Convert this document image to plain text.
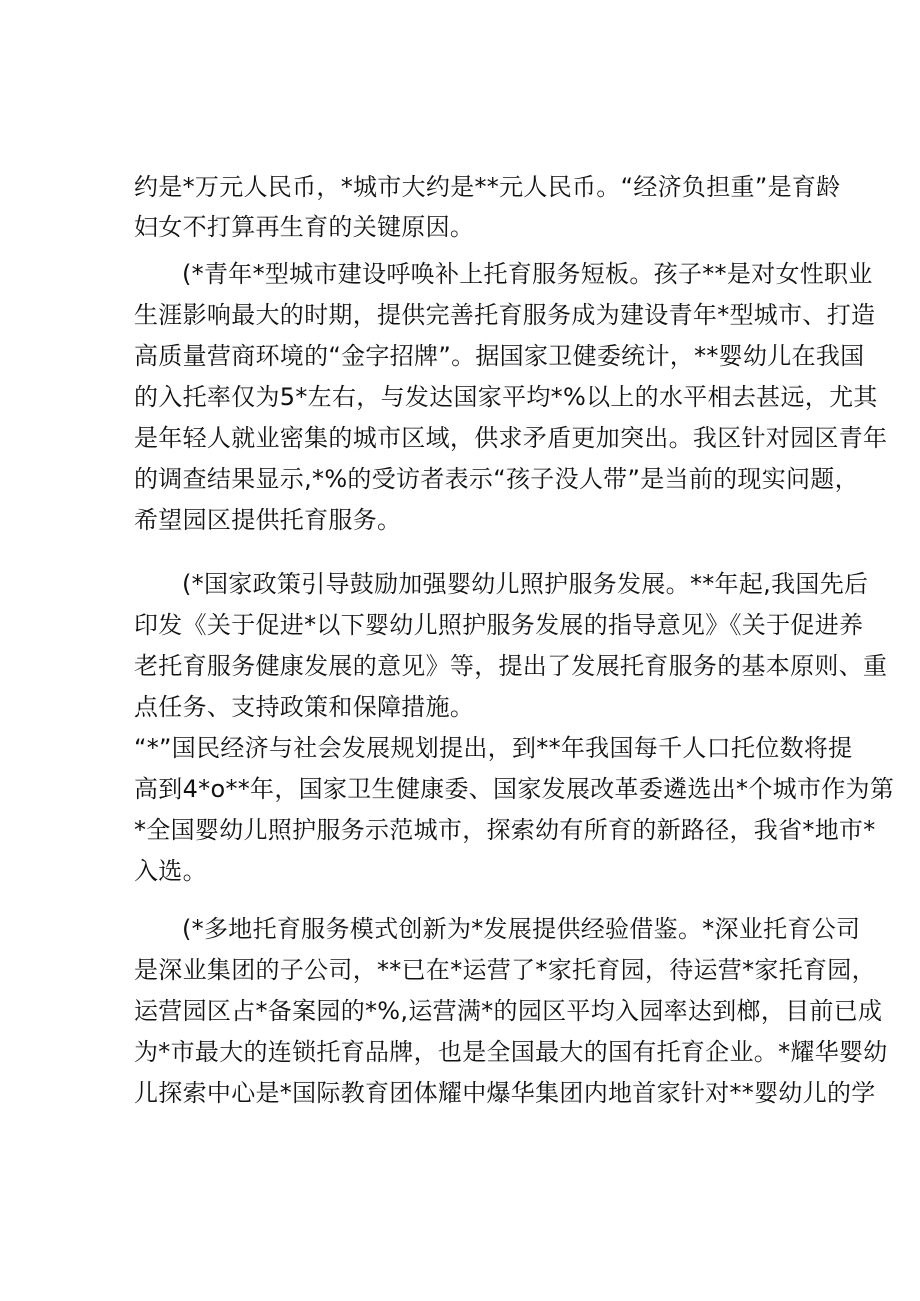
约是*万元人民币，*城市大约是**元人民币。“经济负担重”是育龄
妇女不打算再生育的关键原因。
(*青年*型城市建设呼唤补上托育服务短板。孩子**是对女性职业
生涯影响最大的时期，提供完善托育服务成为建设青年*型城市、打造
高质量营商环境的“金字招牌”。据国家卫健委统计，**婴幼儿在我国
的入托率仅为5*左右，与发达国家平均*%以上的水平相去甚远，尤其
是年轻人就业密集的城市区域，供求矛盾更加突出。我区针对园区青年
的调查结果显示,*%的受访者表示“孩子没人带”是当前的现实问题，
希望园区提供托育服务。
(*国家政策引导鼓励加强婴幼儿照护服务发展。**年起,我国先后
印发《关于促进*以下婴幼儿照护服务发展的指导意见》《关于促进养
老托育服务健康发展的意见》等，提出了发展托育服务的基本原则、重
点任务、支持政策和保障措施。
“*”国民经济与社会发展规划提出，到**年我国每千人口托位数将提
高到4*o**年，国家卫生健康委、国家发展改革委遴选出*个城市作为第
*全国婴幼儿照护服务示范城市，探索幼有所育的新路径，我省*地市*
入选。
(*多地托育服务模式创新为*发展提供经验借鉴。*深业托育公司
是深业集团的子公司，**已在*运营了*家托育园，待运营*家托育园，
运营园区占*备案园的*%,运营满*的园区平均入园率达到榔，目前已成
为*市最大的连锁托育品牌，也是全国最大的国有托育企业。*耀华婴幼
儿探索中心是*国际教育团体耀中爆华集团内地首家针对**婴幼儿的学
